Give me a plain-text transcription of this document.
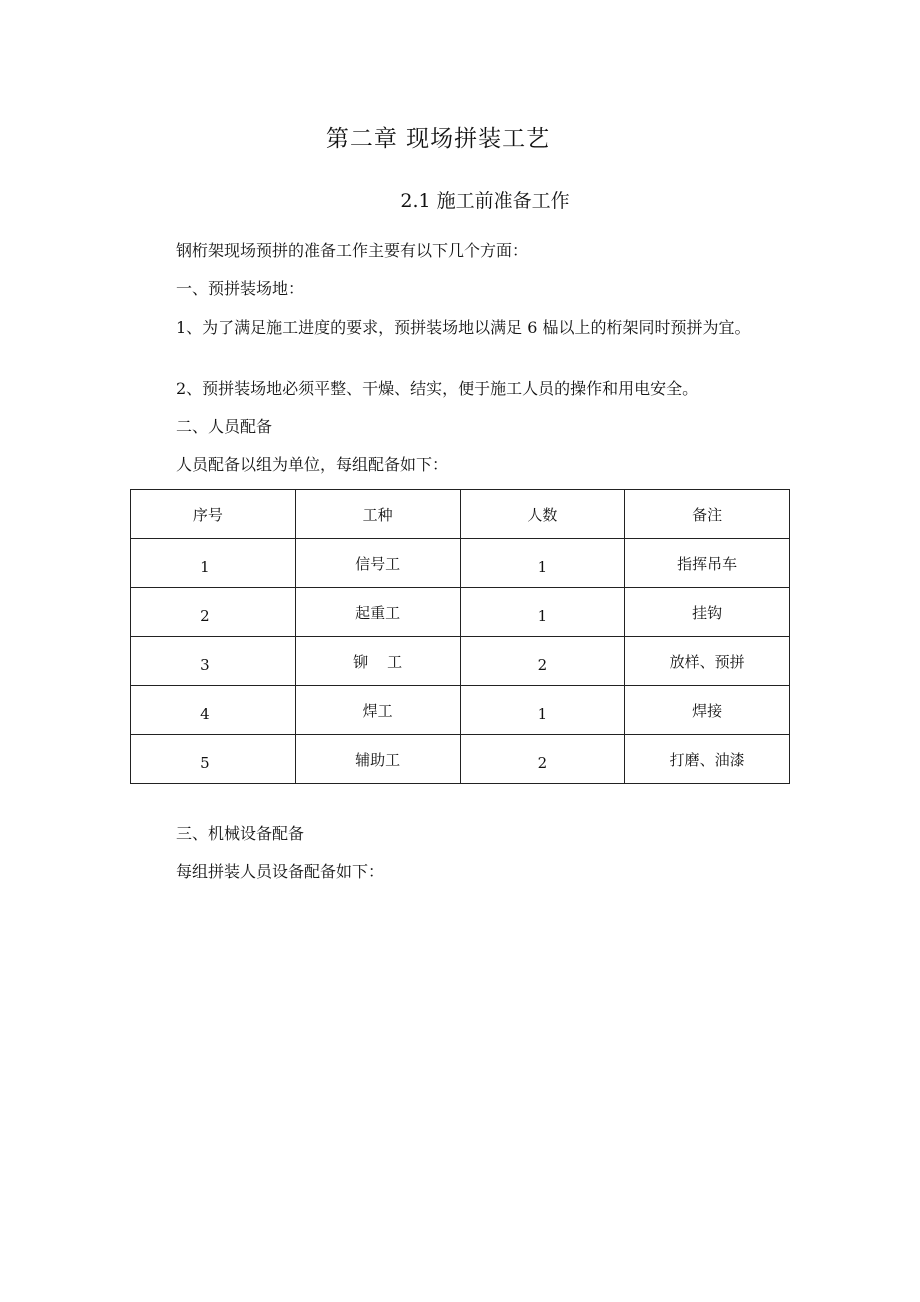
第二章 现场拼装工艺
2.1 施工前准备工作
钢桁架现场预拼的准备工作主要有以下几个方面：
一、预拼装场地：
1、为了满足施工进度的要求，预拼装场地以满足 6 榀以上的桁架同时预拼为宜。
2、预拼装场地必须平整、干燥、结实，便于施工人员的操作和用电安全。
二、人员配备
人员配备以组为单位，每组配备如下：
序号	工种	人数	备注
1	信号工	1	指挥吊车
2	起重工	1	挂钩
3	铆    工	2	放样、预拼
4	焊工	1	焊接
5	辅助工	2	打磨、油漆
三、机械设备配备
每组拼装人员设备配备如下：
